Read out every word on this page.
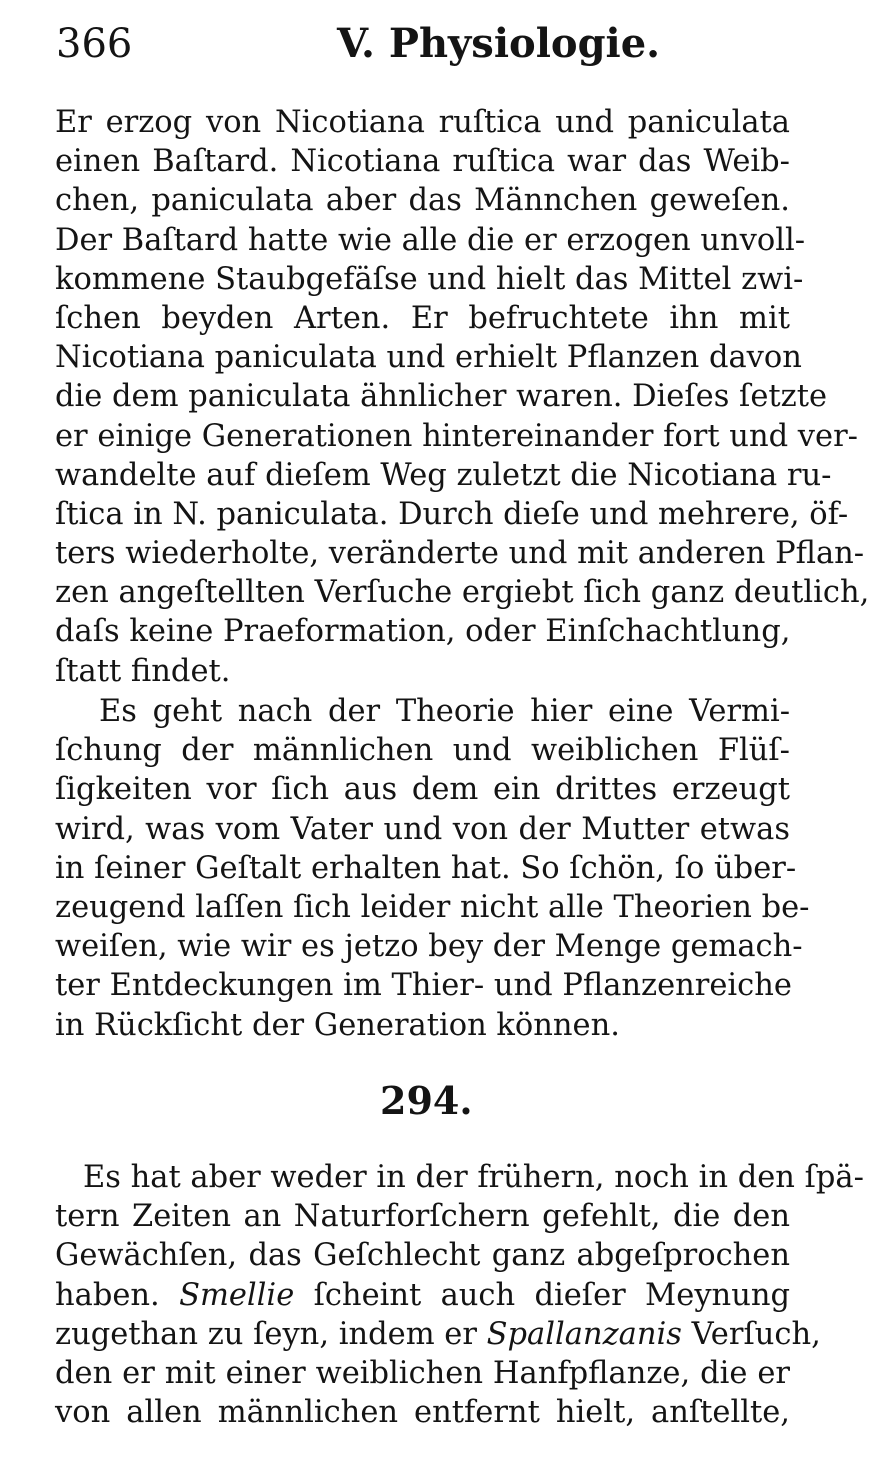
366	V. Physiologie.
Er erzog von Nicotiana ruſtica und paniculata
einen Baſtard. Nicotiana ruſtica war das Weib-
chen, paniculata aber das Männchen geweſen.
Der Baſtard hatte wie alle die er erzogen unvoll-
kommene Staubgefäſse und hielt das Mittel zwi-
ſchen beyden Arten. Er befruchtete ihn mit
Nicotiana paniculata und erhielt Pflanzen davon
die dem paniculata ähnlicher waren. Dieſes ſetzte
er einige Generationen hintereinander fort und ver-
wandelte auf dieſem Weg zuletzt die Nicotiana ru-
ſtica in N. paniculata. Durch dieſe und mehrere, öf-
ters wiederholte, veränderte und mit anderen Pflan-
zen angeſtellten Verſuche ergiebt ſich ganz deutlich,
daſs keine Praeformation, oder Einſchachtlung,
ſtatt findet.
Es geht nach der Theorie hier eine Vermi-
ſchung der männlichen und weiblichen Flüſ-
ſigkeiten vor ſich aus dem ein drittes erzeugt
wird, was vom Vater und von der Mutter etwas
in ſeiner Geſtalt erhalten hat. So ſchön, ſo über-
zeugend laſſen ſich leider nicht alle Theorien be-
weiſen, wie wir es jetzo bey der Menge gemach-
ter Entdeckungen im Thier- und Pflanzenreiche
in Rückſicht der Generation können.
294.
Es hat aber weder in der frühern, noch in den ſpä-
tern Zeiten an Naturforſchern gefehlt, die den
Gewächſen, das Geſchlecht ganz abgeſprochen
haben. Smellie ſcheint auch dieſer Meynung
zugethan zu ſeyn, indem er Spallanzanis Verſuch,
den er mit einer weiblichen Hanfpflanze, die er
von allen männlichen entfernt hielt, anſtellte,
